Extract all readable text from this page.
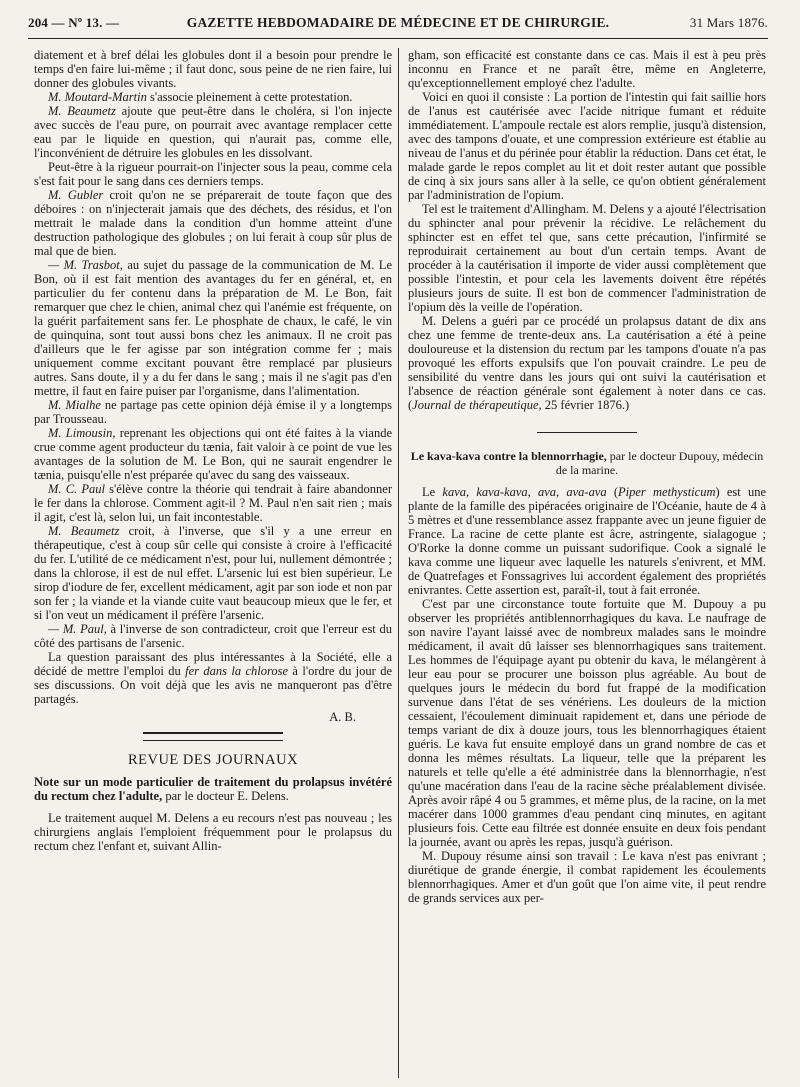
204 — Nº 13. —	GAZETTE HEBDOMADAIRE DE MÉDECINE ET DE CHIRURGIE.	31 Mars 1876.

diatement et à bref délai les globules dont il a besoin pour prendre le temps d'en faire lui-même ; il faut donc, sous peine de ne rien faire, lui donner des globules vivants.

M. Moutard-Martin s'associe pleinement à cette protestation.

M. Beaumetz ajoute que peut-être dans le choléra, si l'on injecte avec succès de l'eau pure, on pourrait avec avantage remplacer cette eau par le liquide en question, qui n'aurait pas, comme elle, l'inconvénient de détruire les globules en les dissolvant.

Peut-être à la rigueur pourrait-on l'injecter sous la peau, comme cela s'est fait pour le sang dans ces derniers temps.

M. Gubler croit qu'on ne se préparerait de toute façon que des déboires : on n'injecterait jamais que des déchets, des résidus, et l'on mettrait le malade dans la condition d'un homme atteint d'une destruction pathologique des globules ; on lui ferait à coup sûr plus de mal que de bien.

— M. Trasbot, au sujet du passage de la communication de M. Le Bon, où il est fait mention des avantages du fer en général, et, en particulier du fer contenu dans la préparation de M. Le Bon, fait remarquer que chez le chien, animal chez qui l'anémie est fréquente, on la guérit parfaitement sans fer. Le phosphate de chaux, le café, le vin de quinquina, sont tout aussi bons chez les animaux. Il ne croit pas d'ailleurs que le fer agisse par son intégration comme fer ; mais uniquement comme excitant pouvant être remplacé par plusieurs autres. Sans doute, il y a du fer dans le sang ; mais il ne s'agit pas d'en mettre, il faut en faire puiser par l'organisme, dans l'alimentation.

M. Mialhe ne partage pas cette opinion déjà émise il y a longtemps par Trousseau.

M. Limousin, reprenant les objections qui ont été faites à la viande crue comme agent producteur du tænia, fait valoir à ce point de vue les avantages de la solution de M. Le Bon, qui ne saurait engendrer le tænia, puisqu'elle n'est préparée qu'avec du sang des vaisseaux.

M. C. Paul s'élève contre la théorie qui tendrait à faire abandonner le fer dans la chlorose. Comment agit-il ? M. Paul n'en sait rien ; mais il agit, c'est là, selon lui, un fait incontestable.

M. Beaumetz croit, à l'inverse, que s'il y a une erreur en thérapeutique, c'est à coup sûr celle qui consiste à croire à l'efficacité du fer. L'utilité de ce médicament n'est, pour lui, nullement démontrée ; dans la chlorose, il est de nul effet. L'arsenic lui est bien supérieur. Le sirop d'iodure de fer, excellent médicament, agit par son iode et non par son fer ; la viande et la viande cuite vaut beaucoup mieux que le fer, et si l'on veut un médicament il préfère l'arsenic.

— M. Paul, à l'inverse de son contradicteur, croit que l'erreur est du côté des partisans de l'arsenic.

La question paraissant des plus intéressantes à la Société, elle a décidé de mettre l'emploi du fer dans la chlorose à l'ordre du jour de ses discussions. On voit déjà que les avis ne manqueront pas d'être partagés.

A. B.
REVUE DES JOURNAUX

Note sur un mode particulier de traitement du prolapsus invétéré du rectum chez l'adulte, par le docteur E. Delens.

Le traitement auquel M. Delens a eu recours n'est pas nouveau ; les chirurgiens anglais l'emploient fréquemment pour le prolapsus du rectum chez l'enfant et, suivant Allin-

gham, son efficacité est constante dans ce cas. Mais il est à peu près inconnu en France et ne paraît être, même en Angleterre, qu'exceptionnellement employé chez l'adulte.

Voici en quoi il consiste : La portion de l'intestin qui fait saillie hors de l'anus est cautérisée avec l'acide nitrique fumant et réduite immédiatement. L'ampoule rectale est alors remplie, jusqu'à distension, avec des tampons d'ouate, et une compression extérieure est établie au niveau de l'anus et du périnée pour établir la réduction. Dans cet état, le malade garde le repos complet au lit et doit rester autant que possible de cinq à six jours sans aller à la selle, ce qu'on obtient généralement par l'administration de l'opium.

Tel est le traitement d'Allingham. M. Delens y a ajouté l'électrisation du sphincter anal pour prévenir la récidive. Le relâchement du sphincter est en effet tel que, sans cette précaution, l'infirmité se reproduirait certainement au bout d'un certain temps. Avant de procéder à la cautérisation il importe de vider aussi complètement que possible l'intestin, et pour cela les lavements doivent être répétés plusieurs jours de suite. Il est bon de commencer l'administration de l'opium dès la veille de l'opération.

M. Delens a guéri par ce procédé un prolapsus datant de dix ans chez une femme de trente-deux ans. La cautérisation a été à peine douloureuse et la distension du rectum par les tampons d'ouate n'a pas provoqué les efforts expulsifs que l'on pouvait craindre. Le peu de sensibilité du ventre dans les jours qui ont suivi la cautérisation et l'absence de réaction générale sont également à noter dans ce cas. (Journal de thérapeutique, 25 février 1876.)

Le kava-kava contre la blennorrhagie, par le docteur Dupouy, médecin de la marine.

Le kava, kava-kava, ava, ava-ava (Piper methysticum) est une plante de la famille des pipéracées originaire de l'Océanie, haute de 4 à 5 mètres et d'une ressemblance assez frappante avec un jeune figuier de France. La racine de cette plante est âcre, astringente, sialagogue ; O'Rorke la donne comme un puissant sudorifique. Cook a signalé le kava comme une liqueur avec laquelle les naturels s'enivrent, et MM. de Quatrefages et Fonssagrives lui accordent également des propriétés enivrantes. Cette assertion est, paraît-il, tout à fait erronée.

C'est par une circonstance toute fortuite que M. Dupouy a pu observer les propriétés antiblennorrhagiques du kava. Le naufrage de son navire l'ayant laissé avec de nombreux malades sans le moindre médicament, il avait dû laisser ses blennorrhagiques sans traitement. Les hommes de l'équipage ayant pu obtenir du kava, le mélangèrent à leur eau pour se procurer une boisson plus agréable. Au bout de quelques jours le médecin du bord fut frappé de la modification survenue dans l'état de ses vénériens. Les douleurs de la miction cessaient, l'écoulement diminuait rapidement et, dans une période de temps variant de dix à douze jours, tous les blennorrhagiques étaient guéris. Le kava fut ensuite employé dans un grand nombre de cas et donna les mêmes résultats. La liqueur, telle que la préparent les naturels et telle qu'elle a été administrée dans la blennorrhagie, n'est qu'une macération dans l'eau de la racine sèche préalablement divisée. Après avoir râpé 4 ou 5 grammes, et même plus, de la racine, on la met macérer dans 1000 grammes d'eau pendant cinq minutes, en agitant plusieurs fois. Cette eau filtrée est donnée ensuite en deux fois pendant la journée, avant ou après les repas, jusqu'à guérison.

M. Dupouy résume ainsi son travail : Le kava n'est pas enivrant ; diurétique de grande énergie, il combat rapidement les écoulements blennorrhagiques. Amer et d'un goût que l'on aime vite, il peut rendre de grands services aux per-
